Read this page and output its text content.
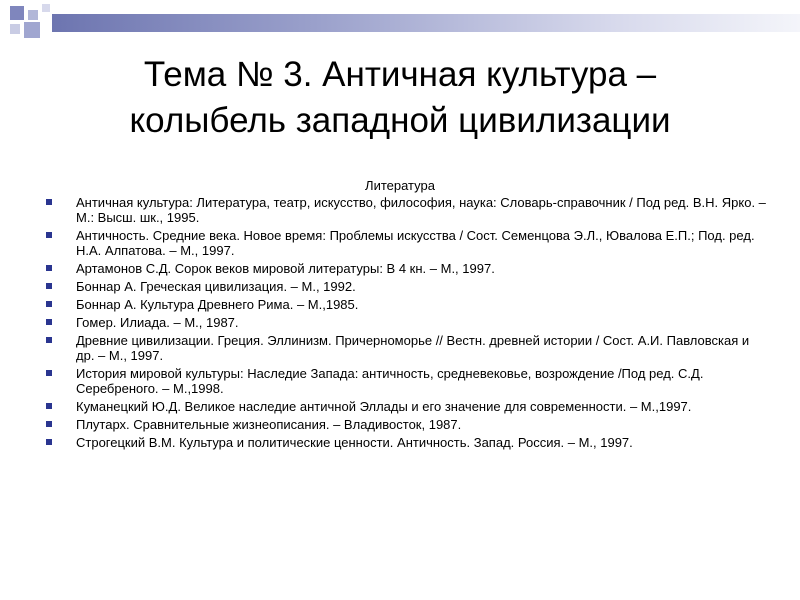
Тема № 3. Античная культура –
колыбель западной цивилизации
Литература
Античная культура: Литература, театр, искусство, философия, наука: Словарь-справочник / Под ред. В.Н. Ярко. – М.: Высш. шк., 1995.
Античность. Средние века. Новое время: Проблемы искусства / Сост. Семенцова Э.Л., Ювалова Е.П.; Под. ред. Н.А. Алпатова. – М., 1997.
Артамонов С.Д. Сорок веков мировой литературы: В 4 кн. – М., 1997.
Боннар А. Греческая цивилизация. – М., 1992.
Боннар А. Культура Древнего Рима. – М.,1985.
Гомер. Илиада. – М., 1987.
Древние цивилизации. Греция. Эллинизм. Причерноморье // Вестн. древней истории / Сост. А.И. Павловская и др. – М., 1997.
История мировой культуры: Наследие Запада: античность, средневековье, возрождение /Под ред. С.Д. Серебреного. – М.,1998.
Куманецкий Ю.Д. Великое наследие античной Эллады и его значение для современности. – М.,1997.
Плутарх. Сравнительные жизнеописания. – Владивосток, 1987.
Строгецкий В.М. Культура и политические ценности. Античность. Запад. Россия. – М., 1997.
